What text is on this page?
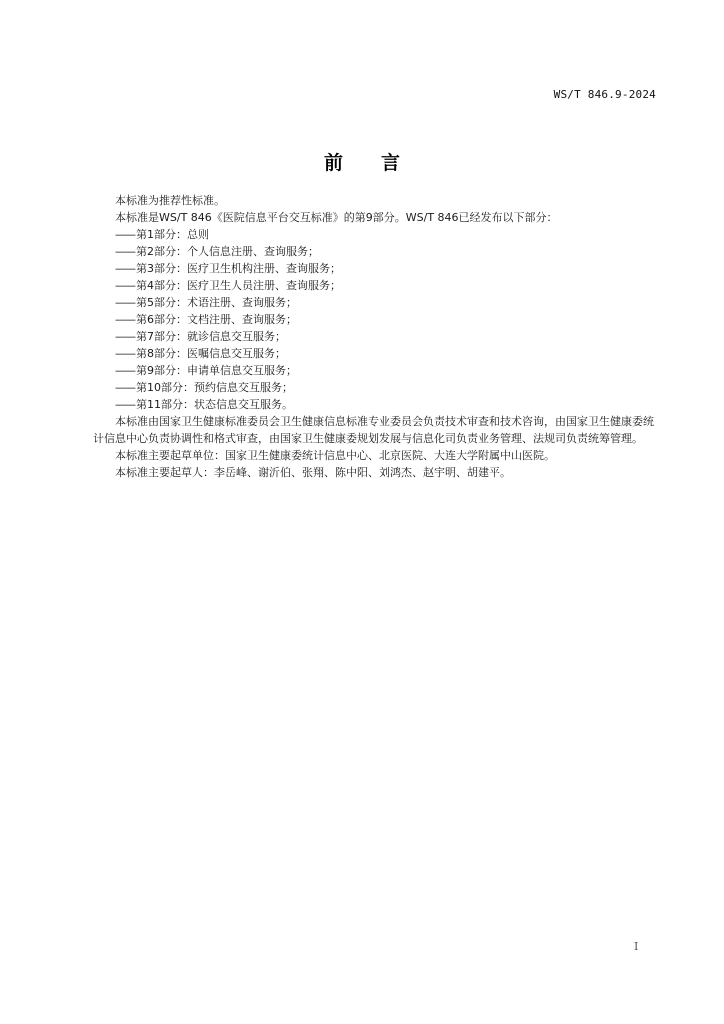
WS/T 846.9-2024
前言

本标准为推荐性标准。

本标准是WS/T 846《医院信息平台交互标准》的第9部分。WS/T 846已经发布以下部分：

——第1部分：总则

——第2部分：个人信息注册、查询服务；

——第3部分：医疗卫生机构注册、查询服务；

——第4部分：医疗卫生人员注册、查询服务；

——第5部分：术语注册、查询服务；

——第6部分：文档注册、查询服务；

——第7部分：就诊信息交互服务；

——第8部分：医嘱信息交互服务；

——第9部分：申请单信息交互服务；

——第10部分：预约信息交互服务；

——第11部分：状态信息交互服务。

本标准由国家卫生健康标准委员会卫生健康信息标准专业委员会负责技术审查和技术咨询，由国家卫生健康委统计信息中心负责协调性和格式审查，由国家卫生健康委规划发展与信息化司负责业务管理、法规司负责统筹管理。

本标准主要起草单位：国家卫生健康委统计信息中心、北京医院、大连大学附属中山医院。

本标准主要起草人：李岳峰、谢沂伯、张翔、陈中阳、刘鸿杰、赵宇明、胡建平。

I
